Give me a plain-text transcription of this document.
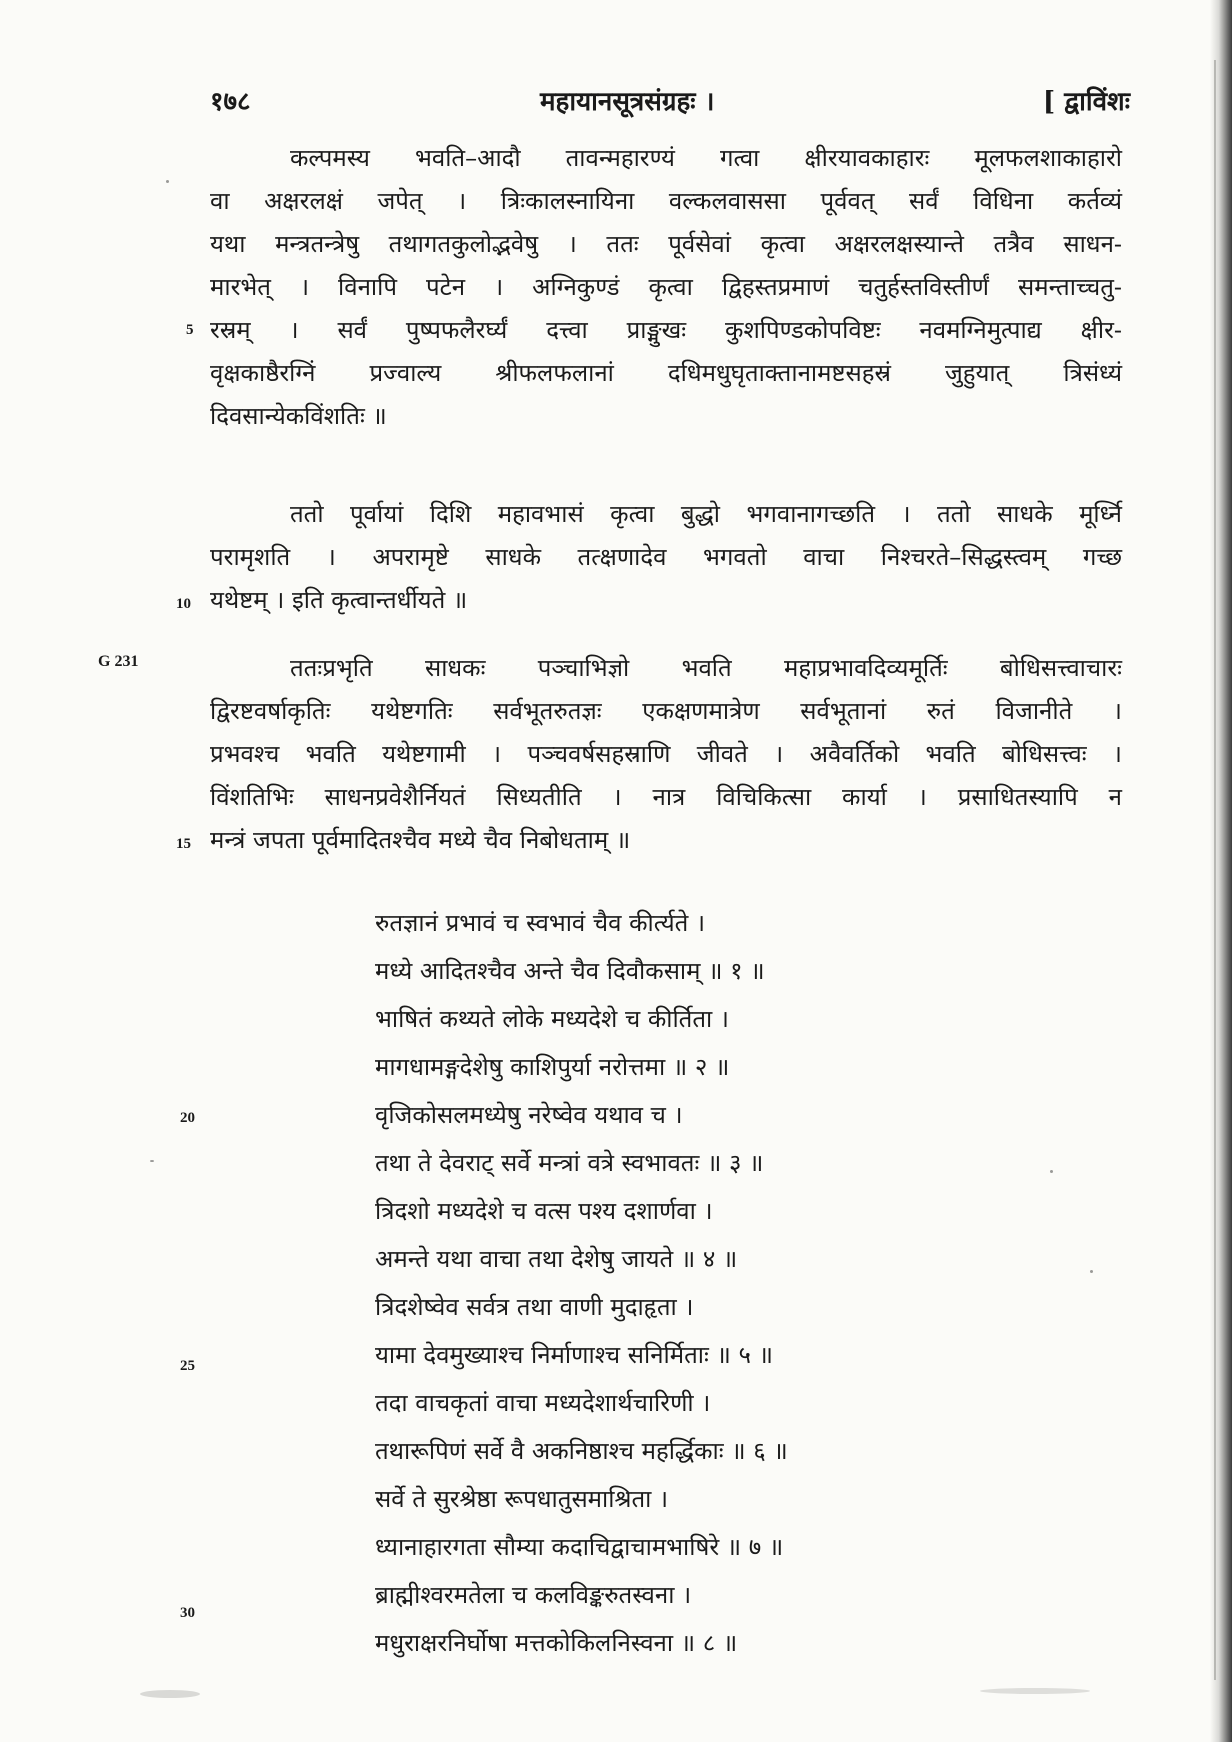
१७८	महायानसूत्रसंग्रहः ।	[ द्वाविंशः
कल्पमस्य भवति–आदौ तावन्महारण्यं गत्वा क्षीरयावकाहारः मूलफलशाकाहारो
वा अक्षरलक्षं जपेत् । त्रिःकालस्नायिना वल्कलवाससा पूर्ववत् सर्वं विधिना कर्तव्यं
यथा मन्त्रतन्त्रेषु तथागतकुलोद्भवेषु । ततः पूर्वसेवां कृत्वा अक्षरलक्षस्यान्ते तत्रैव साधन-
मारभेत् । विनापि पटेन । अग्निकुण्डं कृत्वा द्विहस्तप्रमाणं चतुर्हस्तविस्तीर्णं समन्ताच्चतु-
रस्रम् । सर्वं पुष्पफलैरर्घ्यं दत्त्वा प्राङ्मुखः कुशपिण्डकोपविष्टः नवमग्निमुत्पाद्य क्षीर-
वृक्षकाष्ठैरग्निं प्रज्वाल्य श्रीफलफलानां दधिमधुघृताक्तानामष्टसहस्रं जुहुयात् त्रिसंध्यं
दिवसान्येकविंशतिः ॥
ततो पूर्वायां दिशि महावभासं कृत्वा बुद्धो भगवानागच्छति । ततो साधके मूर्ध्नि
परामृशति । अपरामृष्टे साधके तत्क्षणादेव भगवतो वाचा निश्चरते–सिद्धस्त्वम् गच्छ
यथेष्टम् । इति कृत्वान्तर्धीयते ॥
ततःप्रभृति साधकः पञ्चाभिज्ञो भवति महाप्रभावदिव्यमूर्तिः बोधिसत्त्वाचारः
द्विरष्टवर्षाकृतिः यथेष्टगतिः सर्वभूतरुतज्ञः एकक्षणमात्रेण सर्वभूतानां रुतं विजानीते ।
प्रभवश्च भवति यथेष्टगामी । पञ्चवर्षसहस्राणि जीवते । अवैवर्तिको भवति बोधिसत्त्वः ।
विंशतिभिः साधनप्रवेशैर्नियतं सिध्यतीति । नात्र विचिकित्सा कार्या । प्रसाधितस्यापि न
मन्त्रं जपता पूर्वमादितश्चैव मध्ये चैव निबोधताम् ॥
रुतज्ञानं प्रभावं च स्वभावं चैव कीर्त्यते ।
मध्ये आदितश्चैव अन्ते चैव दिवौकसाम् ॥ १ ॥
भाषितं कथ्यते लोके मध्यदेशे च कीर्तिता ।
मागधामङ्गदेशेषु काशिपुर्या नरोत्तमा ॥ २ ॥
वृजिकोसलमध्येषु नरेष्वेव यथाव च ।
तथा ते देवराट् सर्वे मन्त्रां वत्रे स्वभावतः ॥ ३ ॥
त्रिदशो मध्यदेशे च वत्स पश्य दशार्णवा ।
अमन्ते यथा वाचा तथा देशेषु जायते ॥ ४ ॥
त्रिदशेष्वेव सर्वत्र तथा वाणी मुदाहृता ।
यामा देवमुख्याश्च निर्माणाश्च सनिर्मिताः ॥ ५ ॥
तदा वाचकृतां वाचा मध्यदेशार्थचारिणी ।
तथारूपिणं सर्वे वै अकनिष्ठाश्च महर्द्धिकाः ॥ ६ ॥
सर्वे ते सुरश्रेष्ठा रूपधातुसमाश्रिता ।
ध्यानाहारगता सौम्या कदाचिद्वाचामभाषिरे ॥ ७ ॥
ब्राह्मीश्वरमतेला च कलविङ्करुतस्वना ।
मधुराक्षरनिर्घोषा मत्तकोकिलनिस्वना ॥ ८ ॥
5
10
15
20
25
30
G 231
